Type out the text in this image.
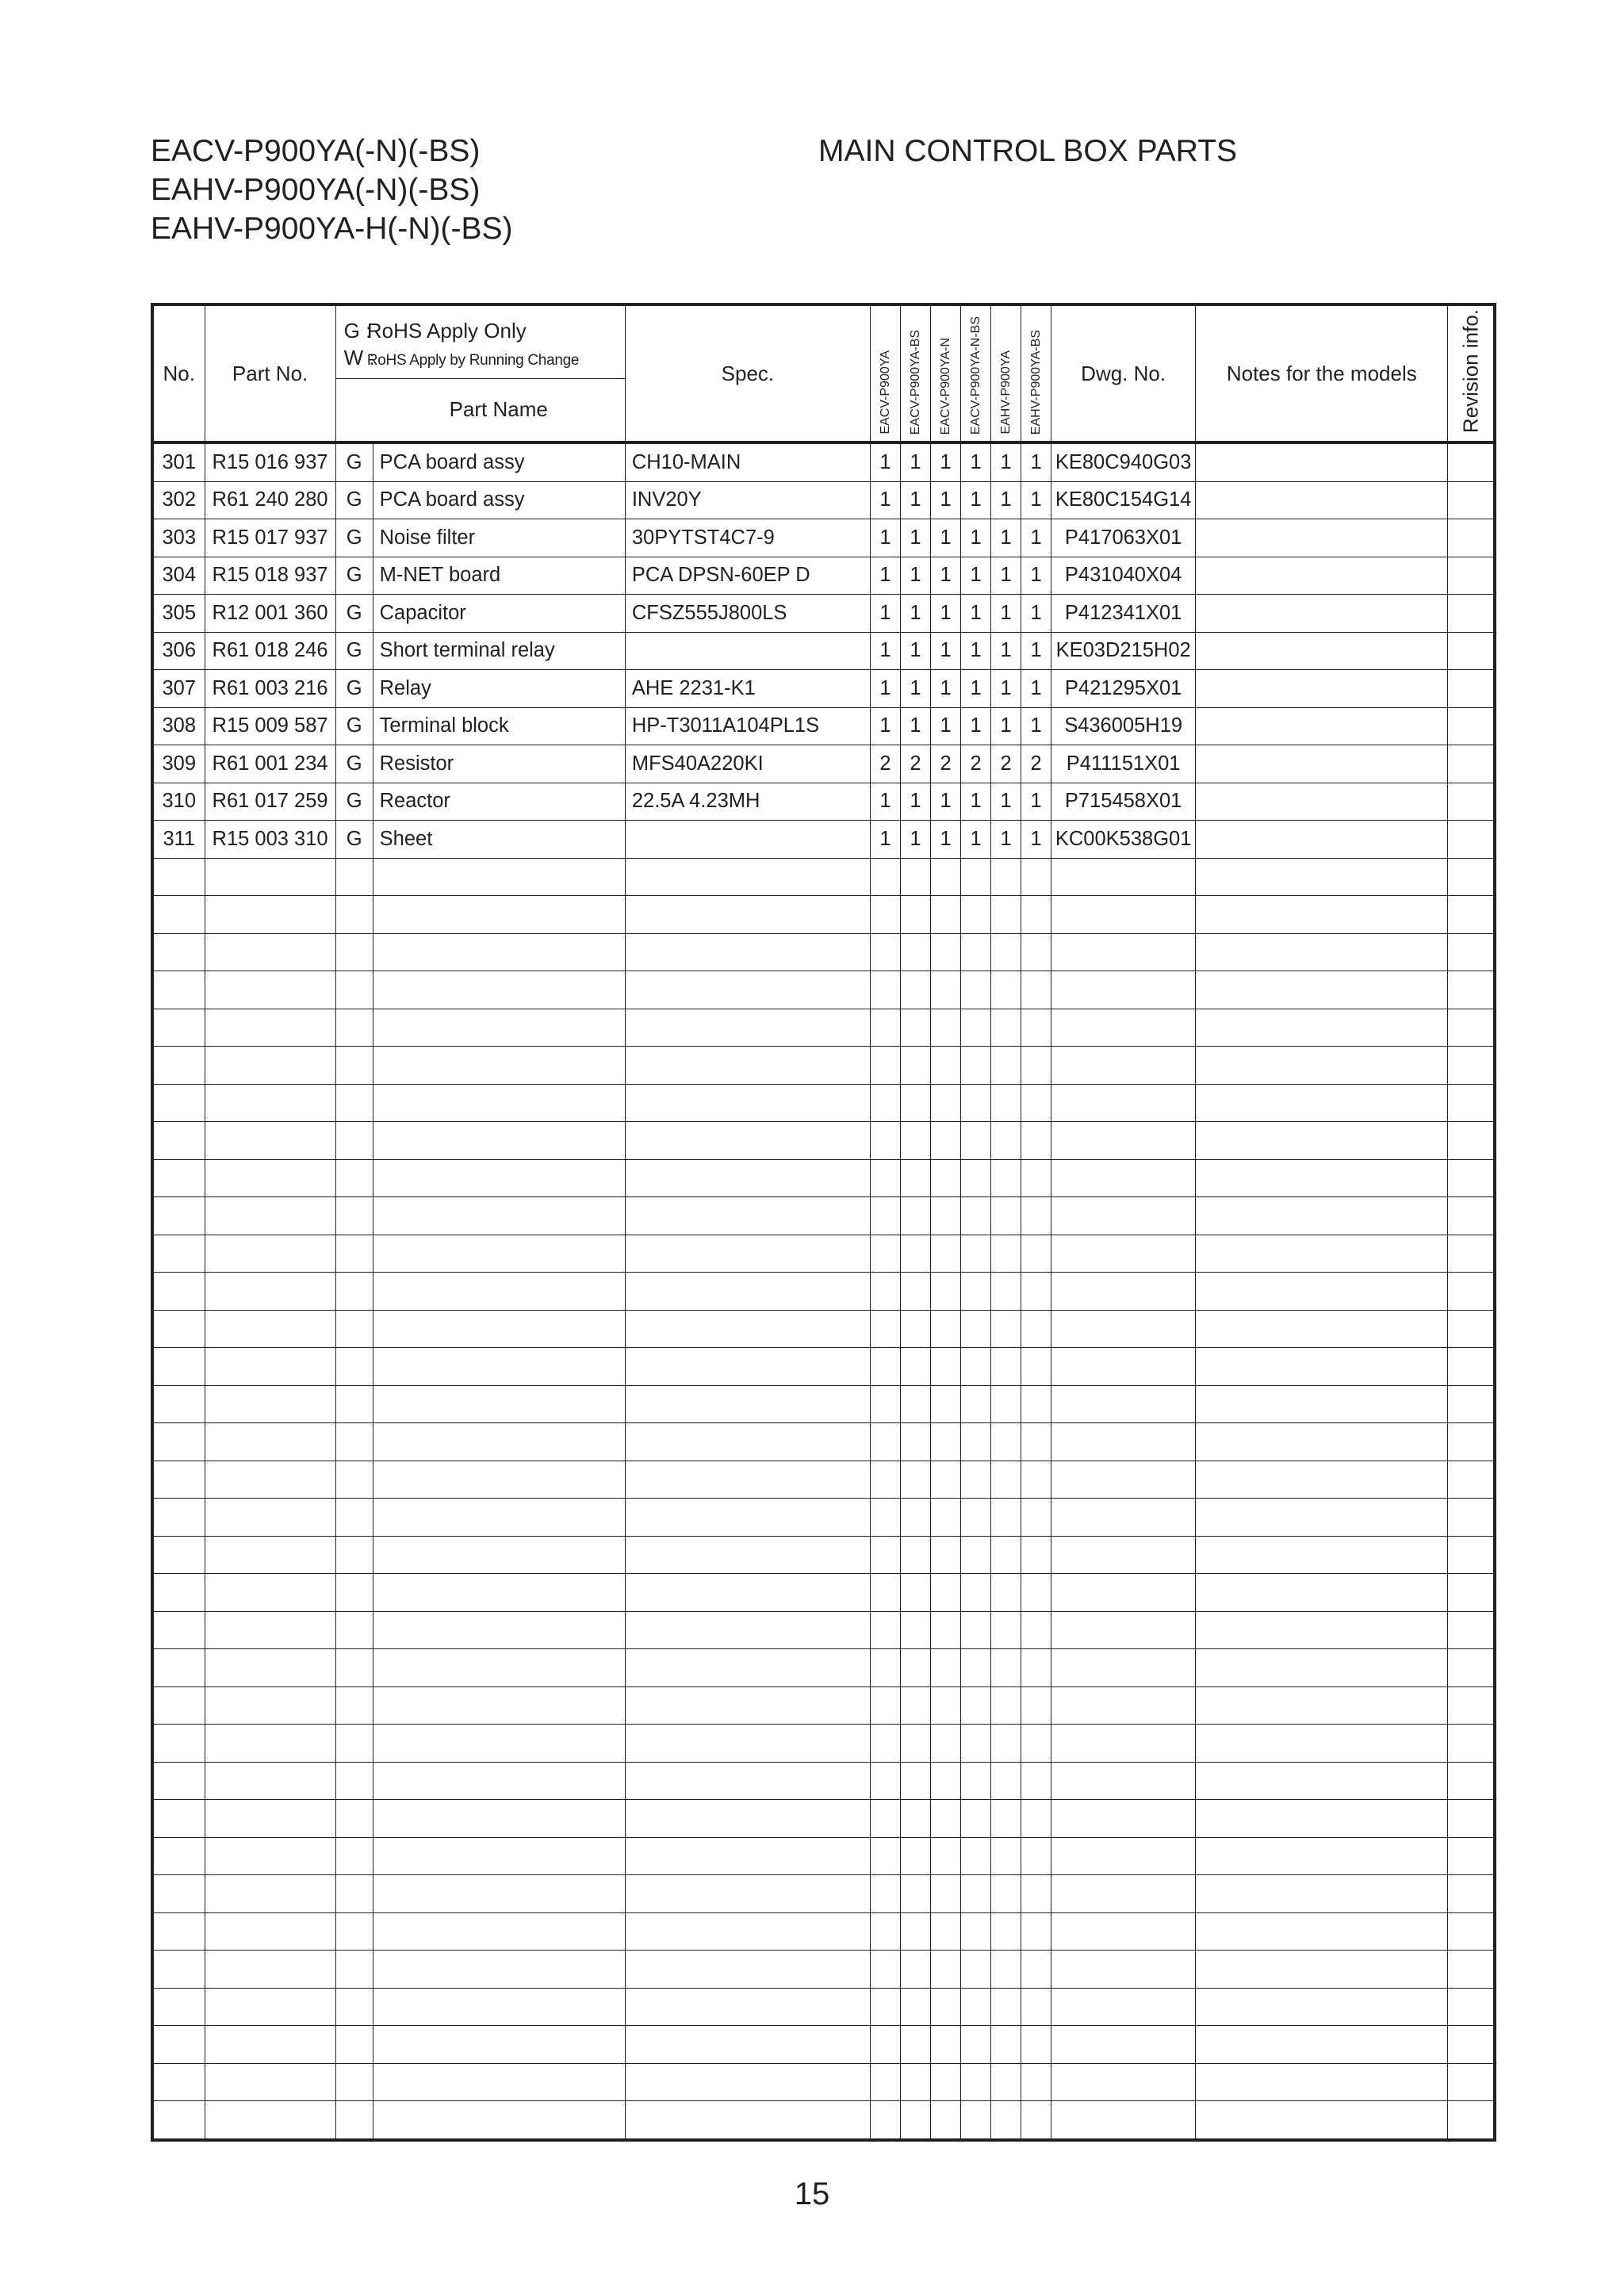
EACV-P900YA(-N)(-BS)
EAHV-P900YA(-N)(-BS)
EAHV-P900YA-H(-N)(-BS)
MAIN CONTROL BOX PARTS
No.	Part No.	G : RoHS Apply Only
W : RoHS Apply by Running Change		Spec.	EACV-P900YA	EACV-P900YA-BS	EACV-P900YA-N	EACV-P900YA-N-BS	EAHV-P900YA	EAHV-P900YA-BS	Dwg. No.	Notes for the models	Revision info.

		Part Name											
301	R15 016 937	G	PCA board assy	CH10-MAIN	1	1	1	1	1	1	KE80C940G03		
302	R61 240 280	G	PCA board assy	INV20Y	1	1	1	1	1	1	KE80C154G14		
303	R15 017 937	G	Noise filter	30PYTST4C7-9	1	1	1	1	1	1	P417063X01		
304	R15 018 937	G	M-NET board	PCA DPSN-60EP D	1	1	1	1	1	1	P431040X04		
305	R12 001 360	G	Capacitor	CFSZ555J800LS	1	1	1	1	1	1	P412341X01		
306	R61 018 246	G	Short terminal relay		1	1	1	1	1	1	KE03D215H02		
307	R61 003 216	G	Relay	AHE 2231-K1	1	1	1	1	1	1	P421295X01		
308	R15 009 587	G	Terminal block	HP-T3011A104PL1S	1	1	1	1	1	1	S436005H19		
309	R61 001 234	G	Resistor	MFS40A220KI	2	2	2	2	2	2	P411151X01		
310	R61 017 259	G	Reactor	22.5A 4.23MH	1	1	1	1	1	1	P715458X01		
311	R15 003 310	G	Sheet		1	1	1	1	1	1	KC00K538G01		

15
